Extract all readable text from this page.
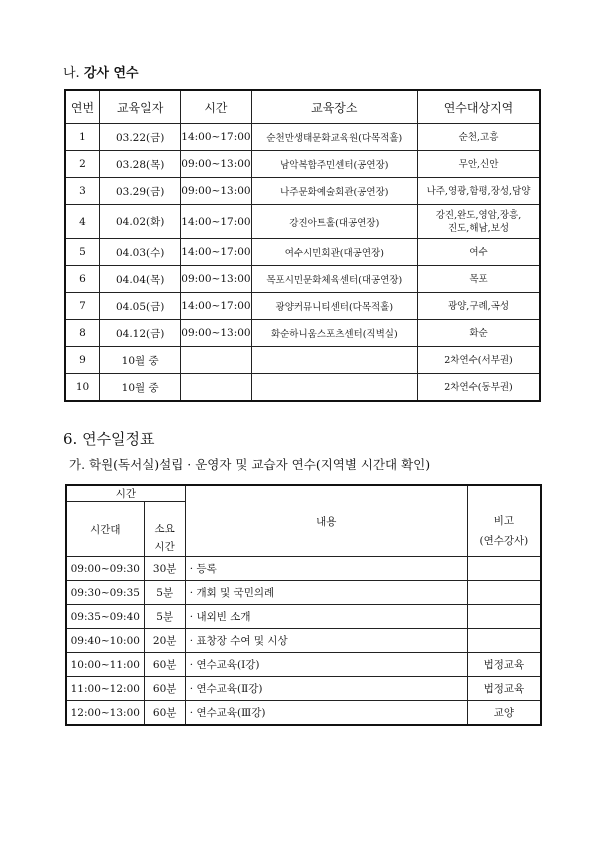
나. 강사 연수
연번	교육일자	시간	교육장소	연수대상지역
1	03.22(금)	14:00~17:00	순천만생태문화교육원(다목적홀)	순천,고흥
2	03.28(목)	09:00~13:00	남악복합주민센터(공연장)	무안,신안
3	03.29(금)	09:00~13:00	나주문화예술회관(공연장)	나주,영광,함평,장성,담양
4	04.02(화)	14:00~17:00	강진아트홀(대공연장)	강진,완도,영암,장흥,
진도,해남,보성
5	04.03(수)	14:00~17:00	여수시민회관(대공연장)	여수
6	04.04(목)	09:00~13:00	목포시민문화체육센터(대공연장)	목포
7	04.05(금)	14:00~17:00	광양커뮤니티센터(다목적홀)	광양,구례,곡성
8	04.12(금)	09:00~13:00	화순하니움스포츠센터(직벽실)	화순
9	10월 중			2차연수(서부권)
10	10월 중			2차연수(동부권)
6. 연수일정표
가. 학원(독서실)설립 · 운영자 및 교습자 연수(지역별 시간대 확인)
시간		내용	비고
(연수강사)

시간대	소요
시간		

09:00~09:30	30분	· 등록	
09:30~09:35	5분	· 개회 및 국민의례	
09:35~09:40	5분	· 내외빈 소개	
09:40~10:00	20분	· 표창장 수여 및 시상	
10:00~11:00	60분	· 연수교육(Ⅰ강)	법정교육
11:00~12:00	60분	· 연수교육(Ⅱ강)	법정교육
12:00~13:00	60분	· 연수교육(Ⅲ강)	교양
